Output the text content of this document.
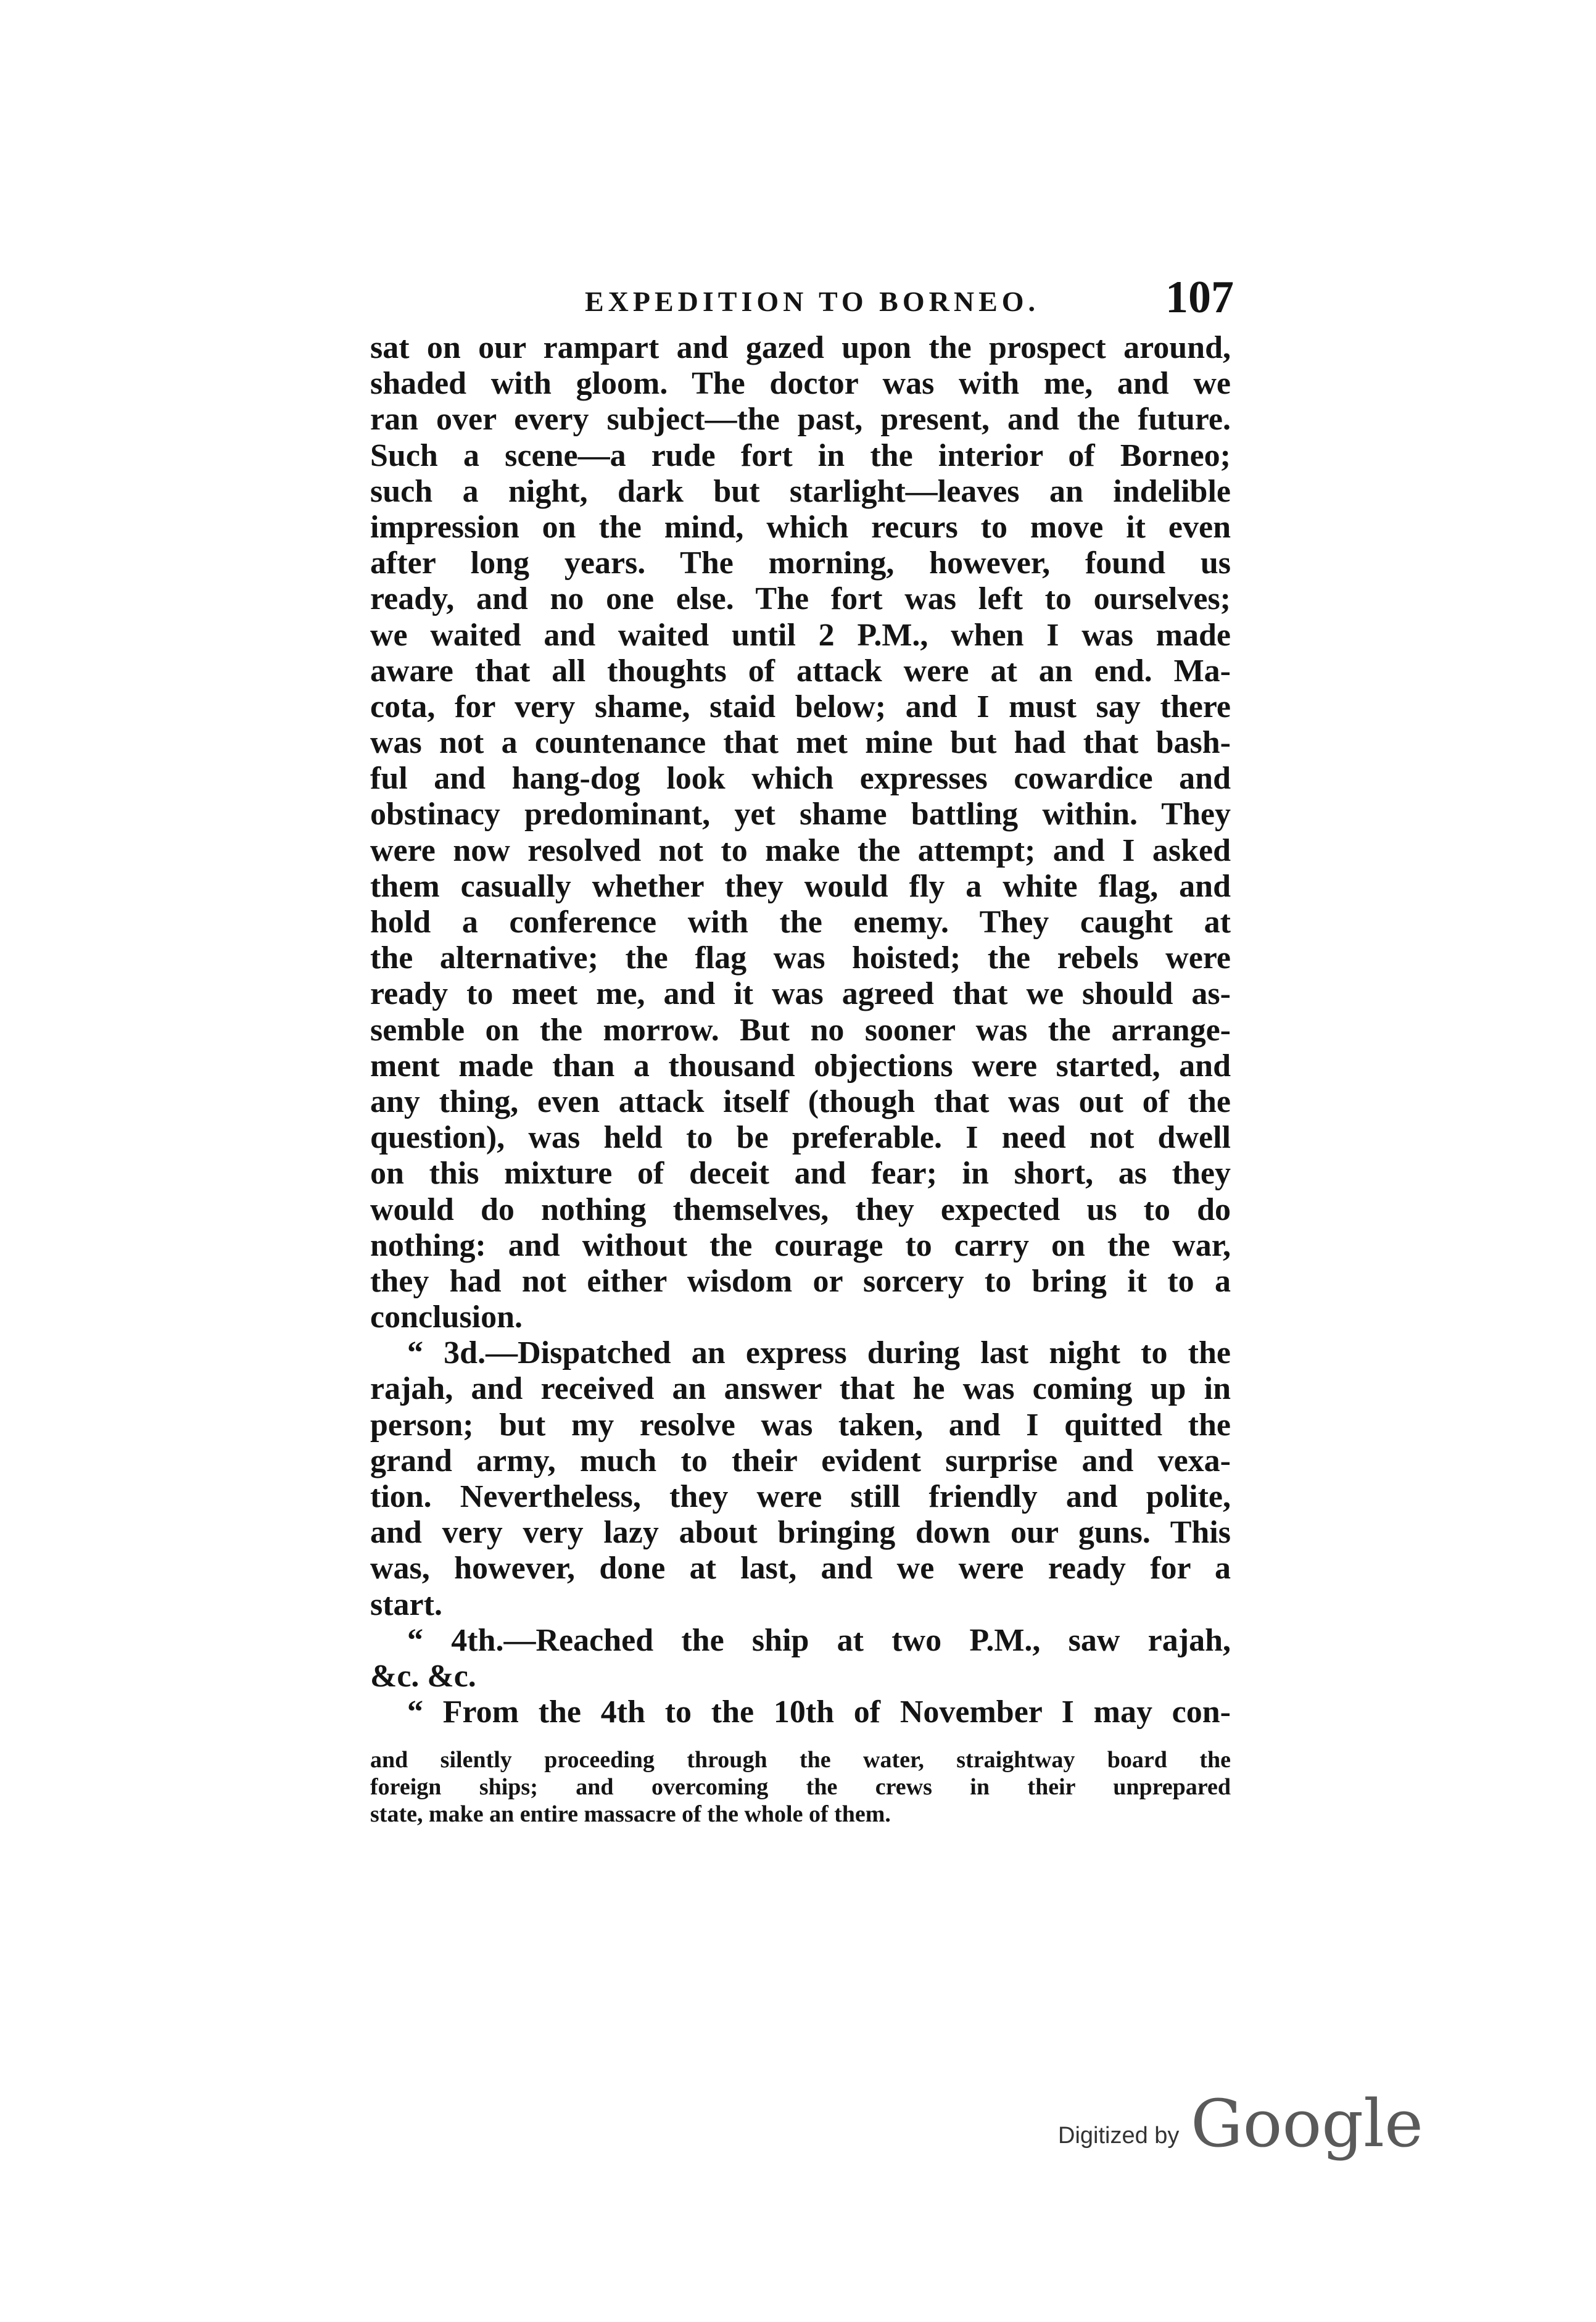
EXPEDITION TO BORNEO.	107
sat on our rampart and gazed upon the prospect around,
shaded with gloom. The doctor was with me, and we
ran over every subject—the past, present, and the future.
Such a scene—a rude fort in the interior of Borneo;
such a night, dark but starlight—leaves an indelible
impression on the mind, which recurs to move it even
after long years. The morning, however, found us
ready, and no one else. The fort was left to ourselves;
we waited and waited until 2 P.M., when I was made
aware that all thoughts of attack were at an end. Ma-
cota, for very shame, staid below; and I must say there
was not a countenance that met mine but had that bash-
ful and hang-dog look which expresses cowardice and
obstinacy predominant, yet shame battling within. They
were now resolved not to make the attempt; and I asked
them casually whether they would fly a white flag, and
hold a conference with the enemy. They caught at
the alternative; the flag was hoisted; the rebels were
ready to meet me, and it was agreed that we should as-
semble on the morrow. But no sooner was the arrange-
ment made than a thousand objections were started, and
any thing, even attack itself (though that was out of the
question), was held to be preferable. I need not dwell
on this mixture of deceit and fear; in short, as they
would do nothing themselves, they expected us to do
nothing: and without the courage to carry on the war,
they had not either wisdom or sorcery to bring it to a
conclusion.
“ 3d.—Dispatched an express during last night to the
rajah, and received an answer that he was coming up in
person; but my resolve was taken, and I quitted the
grand army, much to their evident surprise and vexa-
tion. Nevertheless, they were still friendly and polite,
and very very lazy about bringing down our guns. This
was, however, done at last, and we were ready for a
start.
“ 4th.—Reached the ship at two P.M., saw rajah,
&c. &c.
“ From the 4th to the 10th of November I may con-
and silently proceeding through the water, straightway board the
foreign ships; and overcoming the crews in their unprepared
state, make an entire massacre of the whole of them.
Digitized by Google
